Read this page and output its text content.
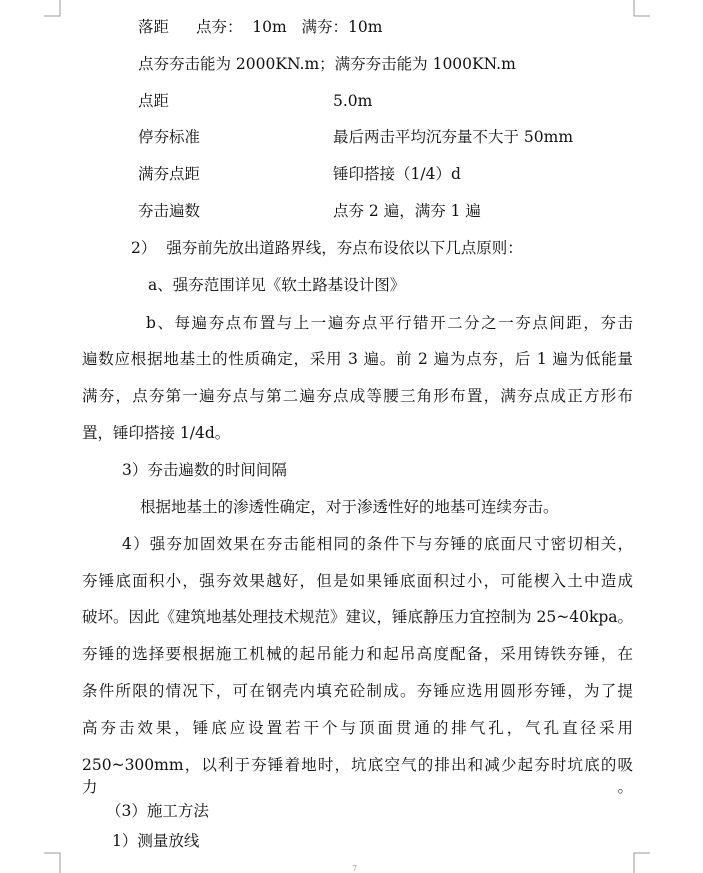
落距 点夯：  10m   满夯：10m
点夯夯击能为 2000KN.m；满夯夯击能为 1000KN.m
点距	5.0m
停夯标准	最后两击平均沉夯量不大于 50mm
满夯点距	锤印搭接（1/4）d
夯击遍数	点夯 2 遍，满夯 1 遍
2）  强夯前先放出道路界线，夯点布设依以下几点原则：
a、强夯范围详见《软土路基设计图》
b、每遍夯点布置与上一遍夯点平行错开二分之一夯点间距，夯击
遍数应根据地基土的性质确定，采用 3 遍。前 2 遍为点夯，后 1 遍为低能量
满夯，点夯第一遍夯点与第二遍夯点成等腰三角形布置，满夯点成正方形布
置，锤印搭接 1/4d。
3）夯击遍数的时间间隔
根据地基土的渗透性确定，对于渗透性好的地基可连续夯击。
4）强夯加固效果在夯击能相同的条件下与夯锤的底面尺寸密切相关，
夯锤底面积小，强夯效果越好，但是如果锤底面积过小，可能楔入土中造成
破坏。因此《建筑地基处理技术规范》建议，锤底静压力宜控制为 25~40kpa。
夯锤的选择要根据施工机械的起吊能力和起吊高度配备，采用铸铁夯锤，在
条件所限的情况下，可在钢壳内填充砼制成。夯锤应选用圆形夯锤，为了提
高夯击效果，锤底应设置若干个与顶面贯通的排气孔，气孔直径采用
250~300mm，以利于夯锤着地时，坑底空气的排出和减少起夯时坑底的吸力。
（3）施工方法
1）测量放线
7
